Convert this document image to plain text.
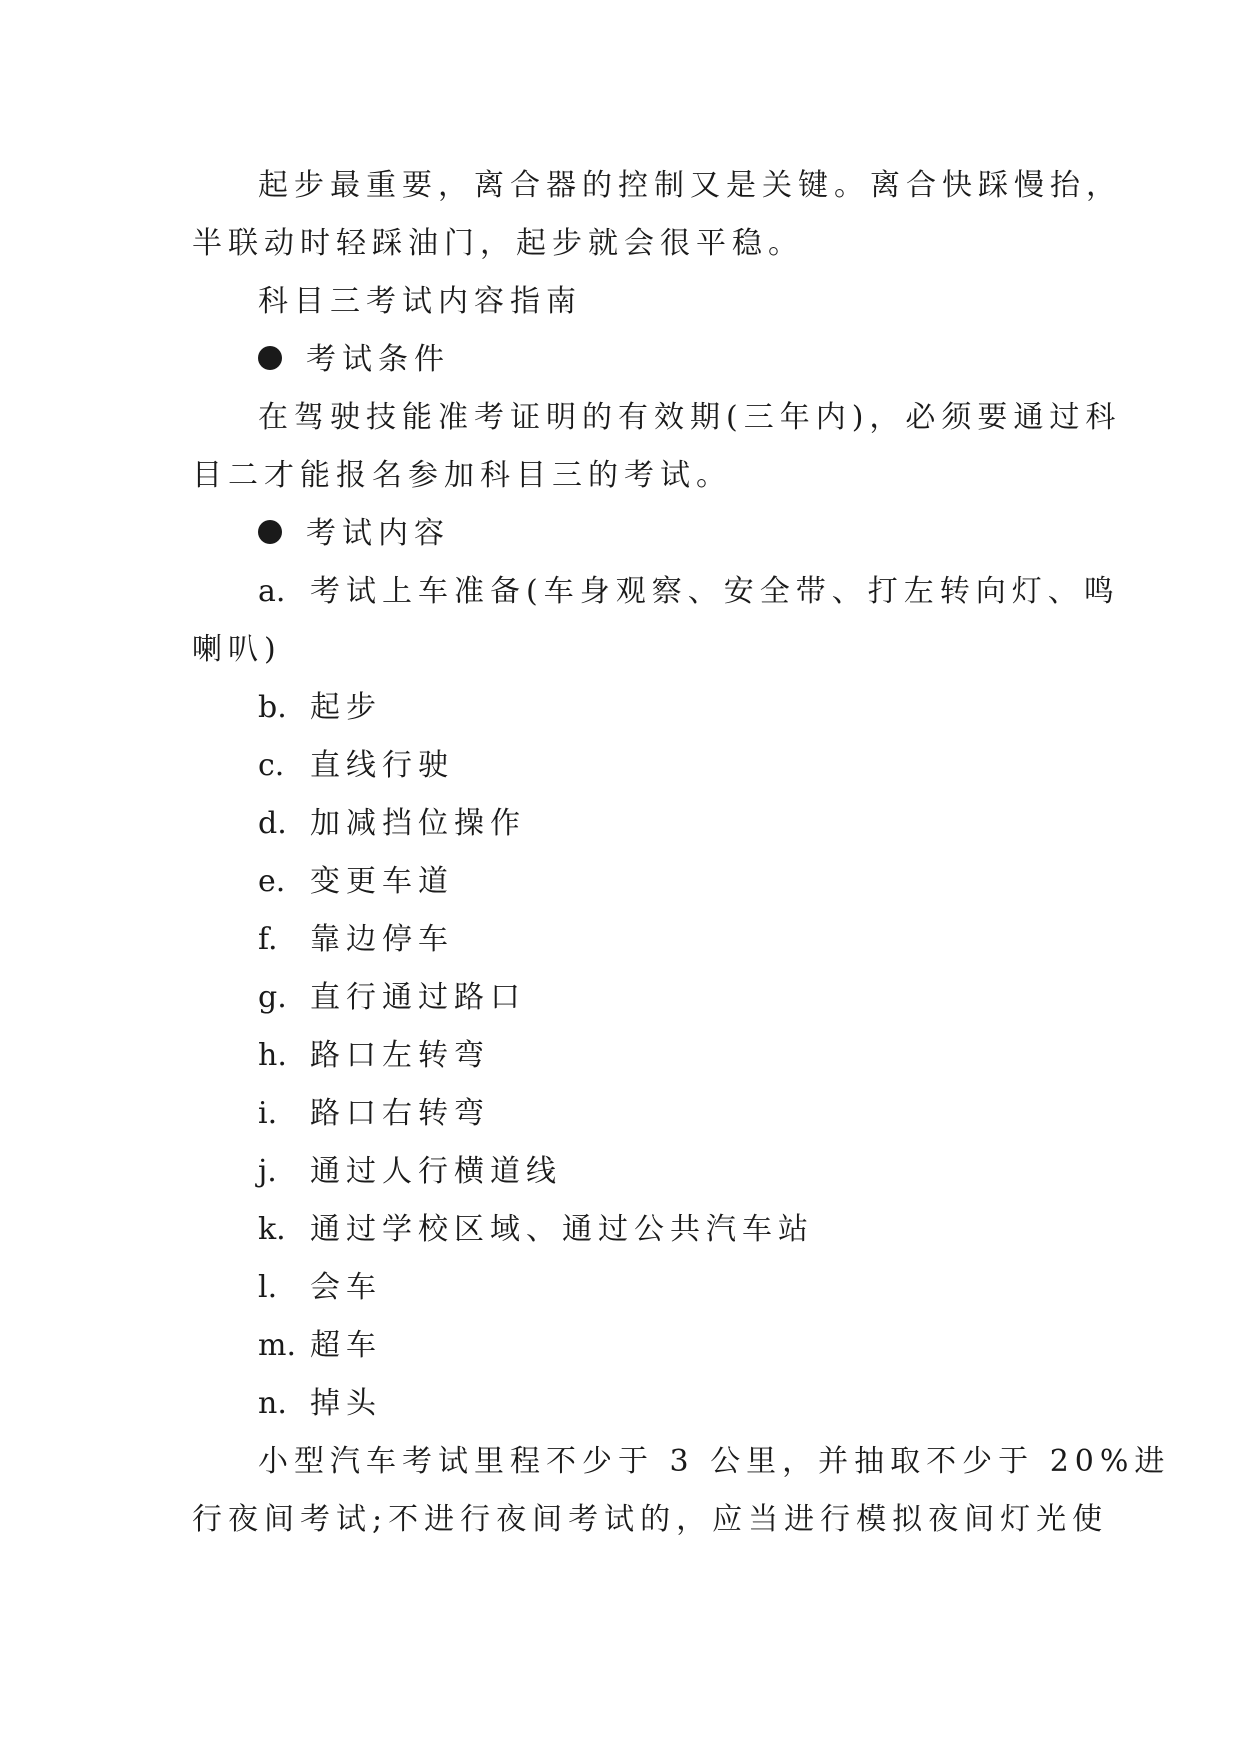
起步最重要，离合器的控制又是关键。离合快踩慢抬，
半联动时轻踩油门，起步就会很平稳。
科目三考试内容指南
考试条件
在驾驶技能准考证明的有效期(三年内)，必须要通过科
目二才能报名参加科目三的考试。
考试内容
a. 考试上车准备(车身观察、安全带、打左转向灯、鸣
喇叭)
b. 起步
c. 直线行驶
d. 加减挡位操作
e. 变更车道
f. 靠边停车
g. 直行通过路口
h. 路口左转弯
i. 路口右转弯
j. 通过人行横道线
k. 通过学校区域、通过公共汽车站
l. 会车
m. 超车
n. 掉头
小型汽车考试里程不少于 3 公里，并抽取不少于 20%进
行夜间考试;不进行夜间考试的，应当进行模拟夜间灯光使
